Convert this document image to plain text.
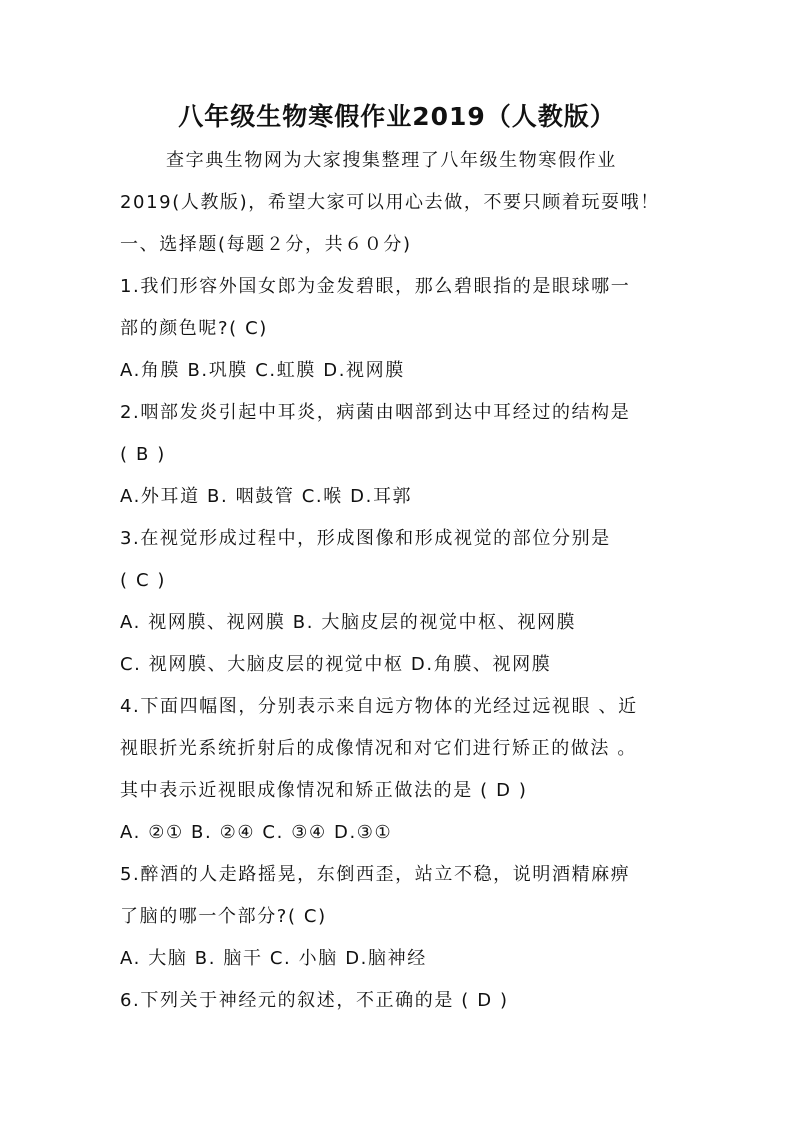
八年级生物寒假作业2019（人教版）
查字典生物网为大家搜集整理了八年级生物寒假作业
2019(人教版)，希望大家可以用心去做，不要只顾着玩耍哦！
一、选择题(每题２分，共６０分)
1.我们形容外国女郎为金发碧眼，那么碧眼指的是眼球哪一
部的颜色呢?( C)
A.角膜 B.巩膜 C.虹膜 D.视网膜
2.咽部发炎引起中耳炎，病菌由咽部到达中耳经过的结构是
( B )
A.外耳道 B. 咽鼓管 C.喉 D.耳郭
3.在视觉形成过程中，形成图像和形成视觉的部位分别是
( C )
A. 视网膜、视网膜 B. 大脑皮层的视觉中枢、视网膜
C. 视网膜、大脑皮层的视觉中枢 D.角膜、视网膜
4.下面四幅图，分别表示来自远方物体的光经过远视眼 、近
视眼折光系统折射后的成像情况和对它们进行矫正的做法 。
其中表示近视眼成像情况和矫正做法的是 ( D )
A. ②① B. ②④ C. ③④ D.③①
5.醉酒的人走路摇晃，东倒西歪，站立不稳，说明酒精麻痹
了脑的哪一个部分?( C)
A. 大脑 B. 脑干 C. 小脑 D.脑神经
6.下列关于神经元的叙述，不正确的是 ( D )
